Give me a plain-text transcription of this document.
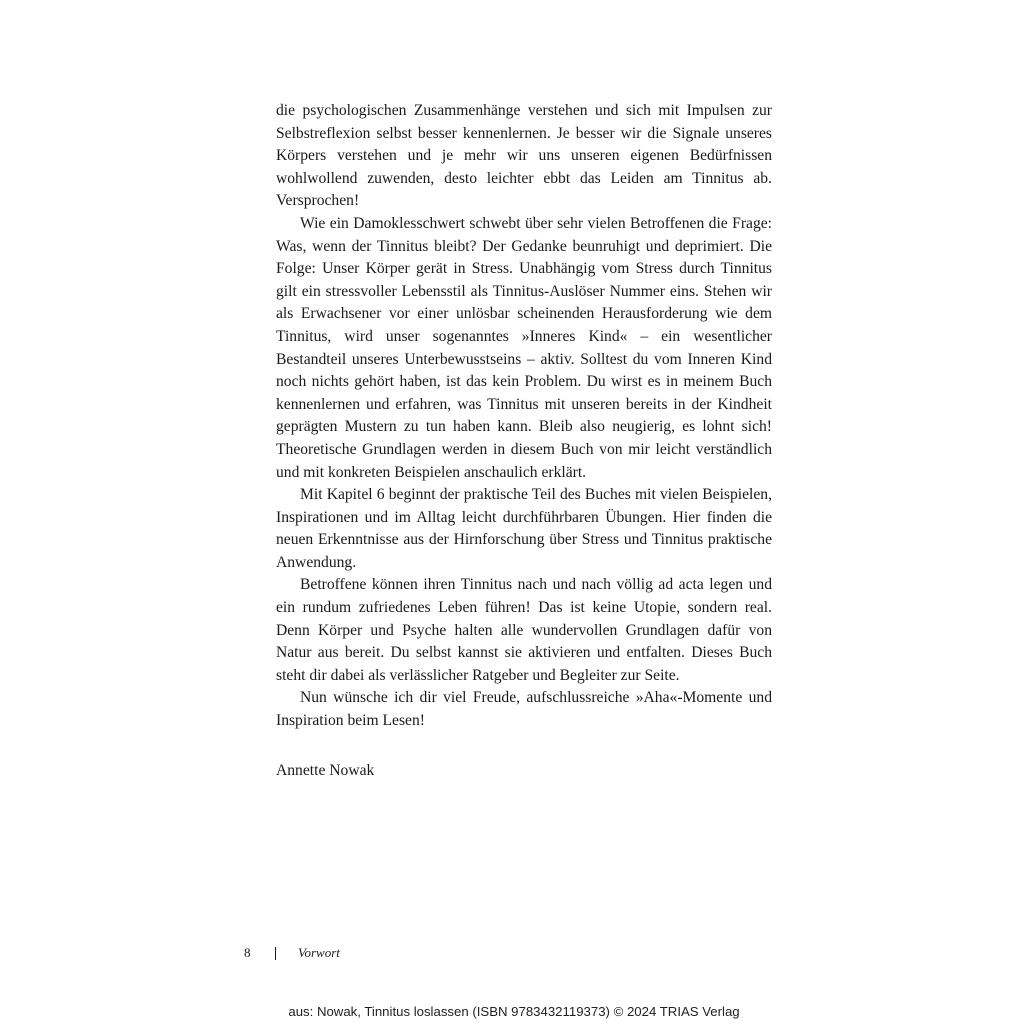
die psychologischen Zusammenhänge verstehen und sich mit Impulsen zur Selbstreflexion selbst besser kennenlernen. Je besser wir die Signale unseres Körpers verstehen und je mehr wir uns unseren eigenen Bedürfnissen wohlwollend zuwenden, desto leichter ebbt das Leiden am Tinnitus ab. Versprochen!

Wie ein Damoklesschwert schwebt über sehr vielen Betroffenen die Frage: Was, wenn der Tinnitus bleibt? Der Gedanke beunruhigt und deprimiert. Die Folge: Unser Körper gerät in Stress. Unabhängig vom Stress durch Tinnitus gilt ein stressvoller Lebensstil als Tinnitus-Auslöser Nummer eins. Stehen wir als Erwachsener vor einer unlösbar scheinenden Herausforderung wie dem Tinnitus, wird unser sogenanntes »Inneres Kind« – ein wesentlicher Bestandteil unseres Unterbewusstseins – aktiv. Solltest du vom Inneren Kind noch nichts gehört haben, ist das kein Problem. Du wirst es in meinem Buch kennenlernen und erfahren, was Tinnitus mit unseren bereits in der Kindheit geprägten Mustern zu tun haben kann. Bleib also neugierig, es lohnt sich! Theoretische Grundlagen werden in diesem Buch von mir leicht verständlich und mit konkreten Beispielen anschaulich erklärt.

Mit Kapitel 6 beginnt der praktische Teil des Buches mit vielen Beispielen, Inspirationen und im Alltag leicht durchführbaren Übungen. Hier finden die neuen Erkenntnisse aus der Hirnforschung über Stress und Tinnitus praktische Anwendung.

Betroffene können ihren Tinnitus nach und nach völlig ad acta legen und ein rundum zufriedenes Leben führen! Das ist keine Utopie, sondern real. Denn Körper und Psyche halten alle wundervollen Grundlagen dafür von Natur aus bereit. Du selbst kannst sie aktivieren und entfalten. Dieses Buch steht dir dabei als verlässlicher Ratgeber und Begleiter zur Seite.

Nun wünsche ich dir viel Freude, aufschlussreiche »Aha«-Momente und Inspiration beim Lesen!

Annette Nowak
8	Vorwort
aus: Nowak, Tinnitus loslassen (ISBN 9783432119373) © 2024 TRIAS Verlag
